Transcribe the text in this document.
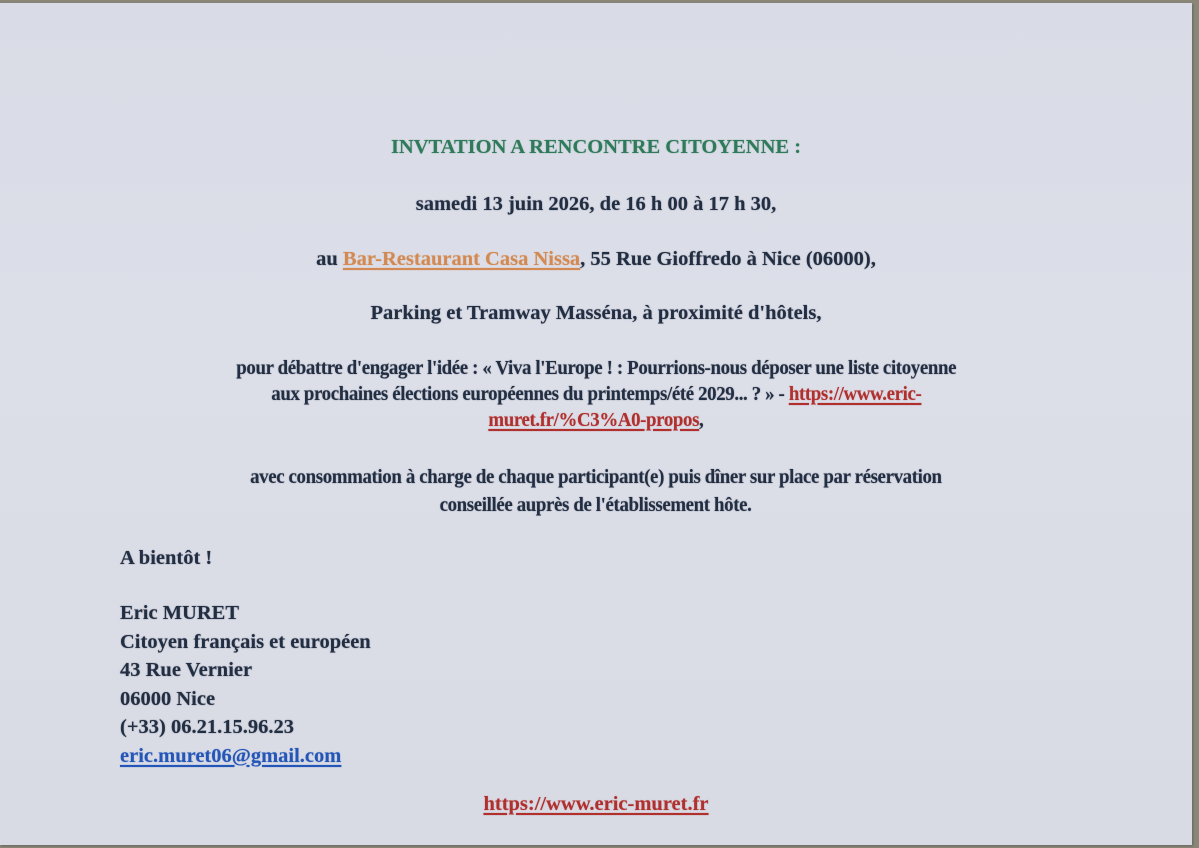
INVTATION A RENCONTRE CITOYENNE :
samedi 13 juin 2026, de 16 h 00 à 17 h 30,
au Bar-Restaurant Casa Nissa, 55 Rue Gioffredo à Nice (06000),
Parking et Tramway Masséna, à proximité d'hôtels,
pour débattre d'engager l'idée : « Viva l'Europe ! : Pourrions-nous déposer une liste citoyenne
aux prochaines élections européennes du printemps/été 2029... ? » - https://www.eric-
muret.fr/%C3%A0-propos,
avec consommation à charge de chaque participant(e) puis dîner sur place par réservation
conseillée auprès de l'établissement hôte.
A bientôt !
Eric MURET
Citoyen français et européen
43 Rue Vernier
06000 Nice
(+33) 06.21.15.96.23
eric.muret06@gmail.com
https://www.eric-muret.fr
